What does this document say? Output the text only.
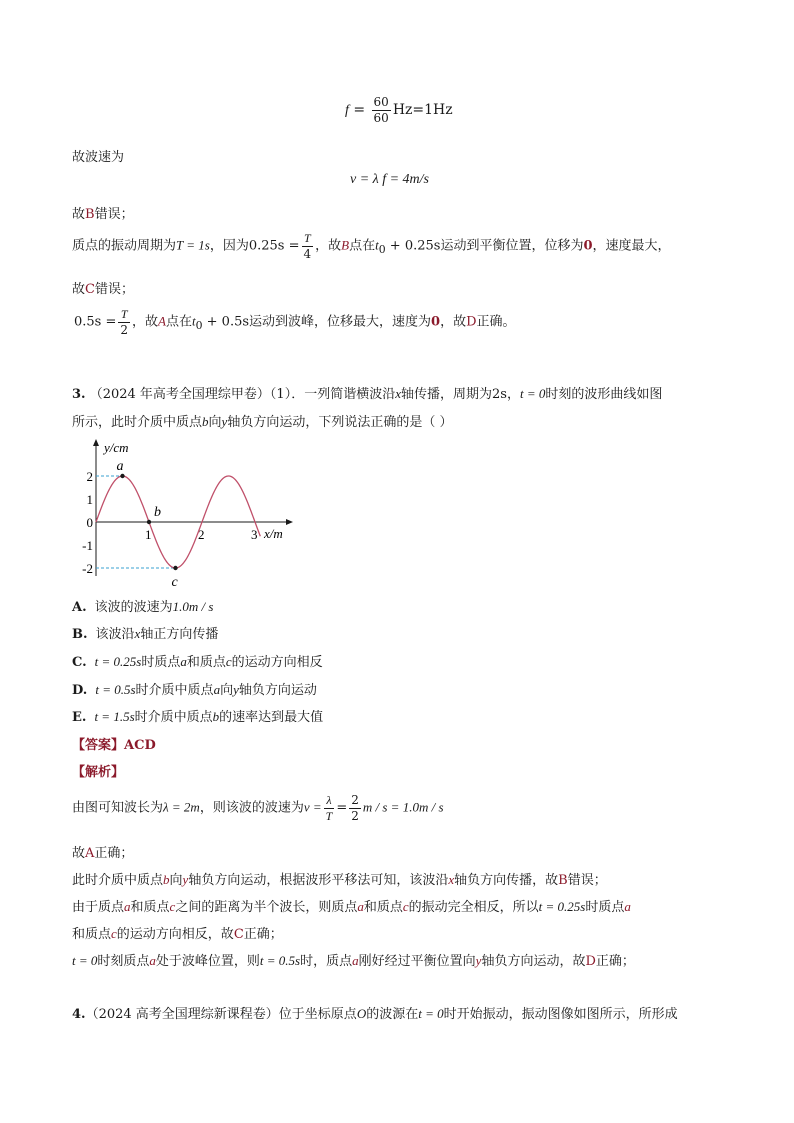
$f = \frac{60}{60} Hz=1Hz$
故波速为
v = λ f = 4m/s
故B错误；
质点的振动周期为T = 1s，因为$0.25s = \frac{T}{4}$ ，故B点在$t_0 + 0.25s$运动到平衡位置，位移为0，速度最大，
故C错误；
$0.5s = \frac{T}{2}$ ，故A点在$t_0 + 0.5s$运动到波峰，位移最大，速度为0，故D正确。
3. （2024 年高考全国理综甲卷）（1）．一列简谐横波沿x轴传播，周期为2s，t = 0时刻的波形曲线如图
所示，此时介质中质点b向y轴负方向运动，下列说法正确的是（ ）
y/cm
x/m
2
1
0
-1
-2
1	2	3
a
b
c
A. 该波的波速为1.0m / s
B. 该波沿x轴正方向传播
C. t = 0.25s时质点a和质点c的运动方向相反
D. t = 0.5s时介质中质点a向y轴负方向运动
E. t = 1.5s时介质中质点b的速率达到最大值
【答案】ACD
【解析】
由图可知波长为λ = 2m，则该波的波速为$v = \frac{\lambda}{T} = \frac{2}{2}$ m / s = 1.0m / s
故A正确；
此时介质中质点b向y轴负方向运动，根据波形平移法可知，该波沿x轴负方向传播，故B错误；
由于质点a和质点c之间的距离为半个波长，则质点a和质点c的振动完全相反，所以t = 0.25s时质点a
和质点c的运动方向相反，故C正确；
t = 0时刻质点a处于波峰位置，则t = 0.5s时，质点a刚好经过平衡位置向y轴负方向运动，故D正确；
4.（2024 高考全国理综新课程卷）位于坐标原点O的波源在t = 0时开始振动，振动图像如图所示，所形成
